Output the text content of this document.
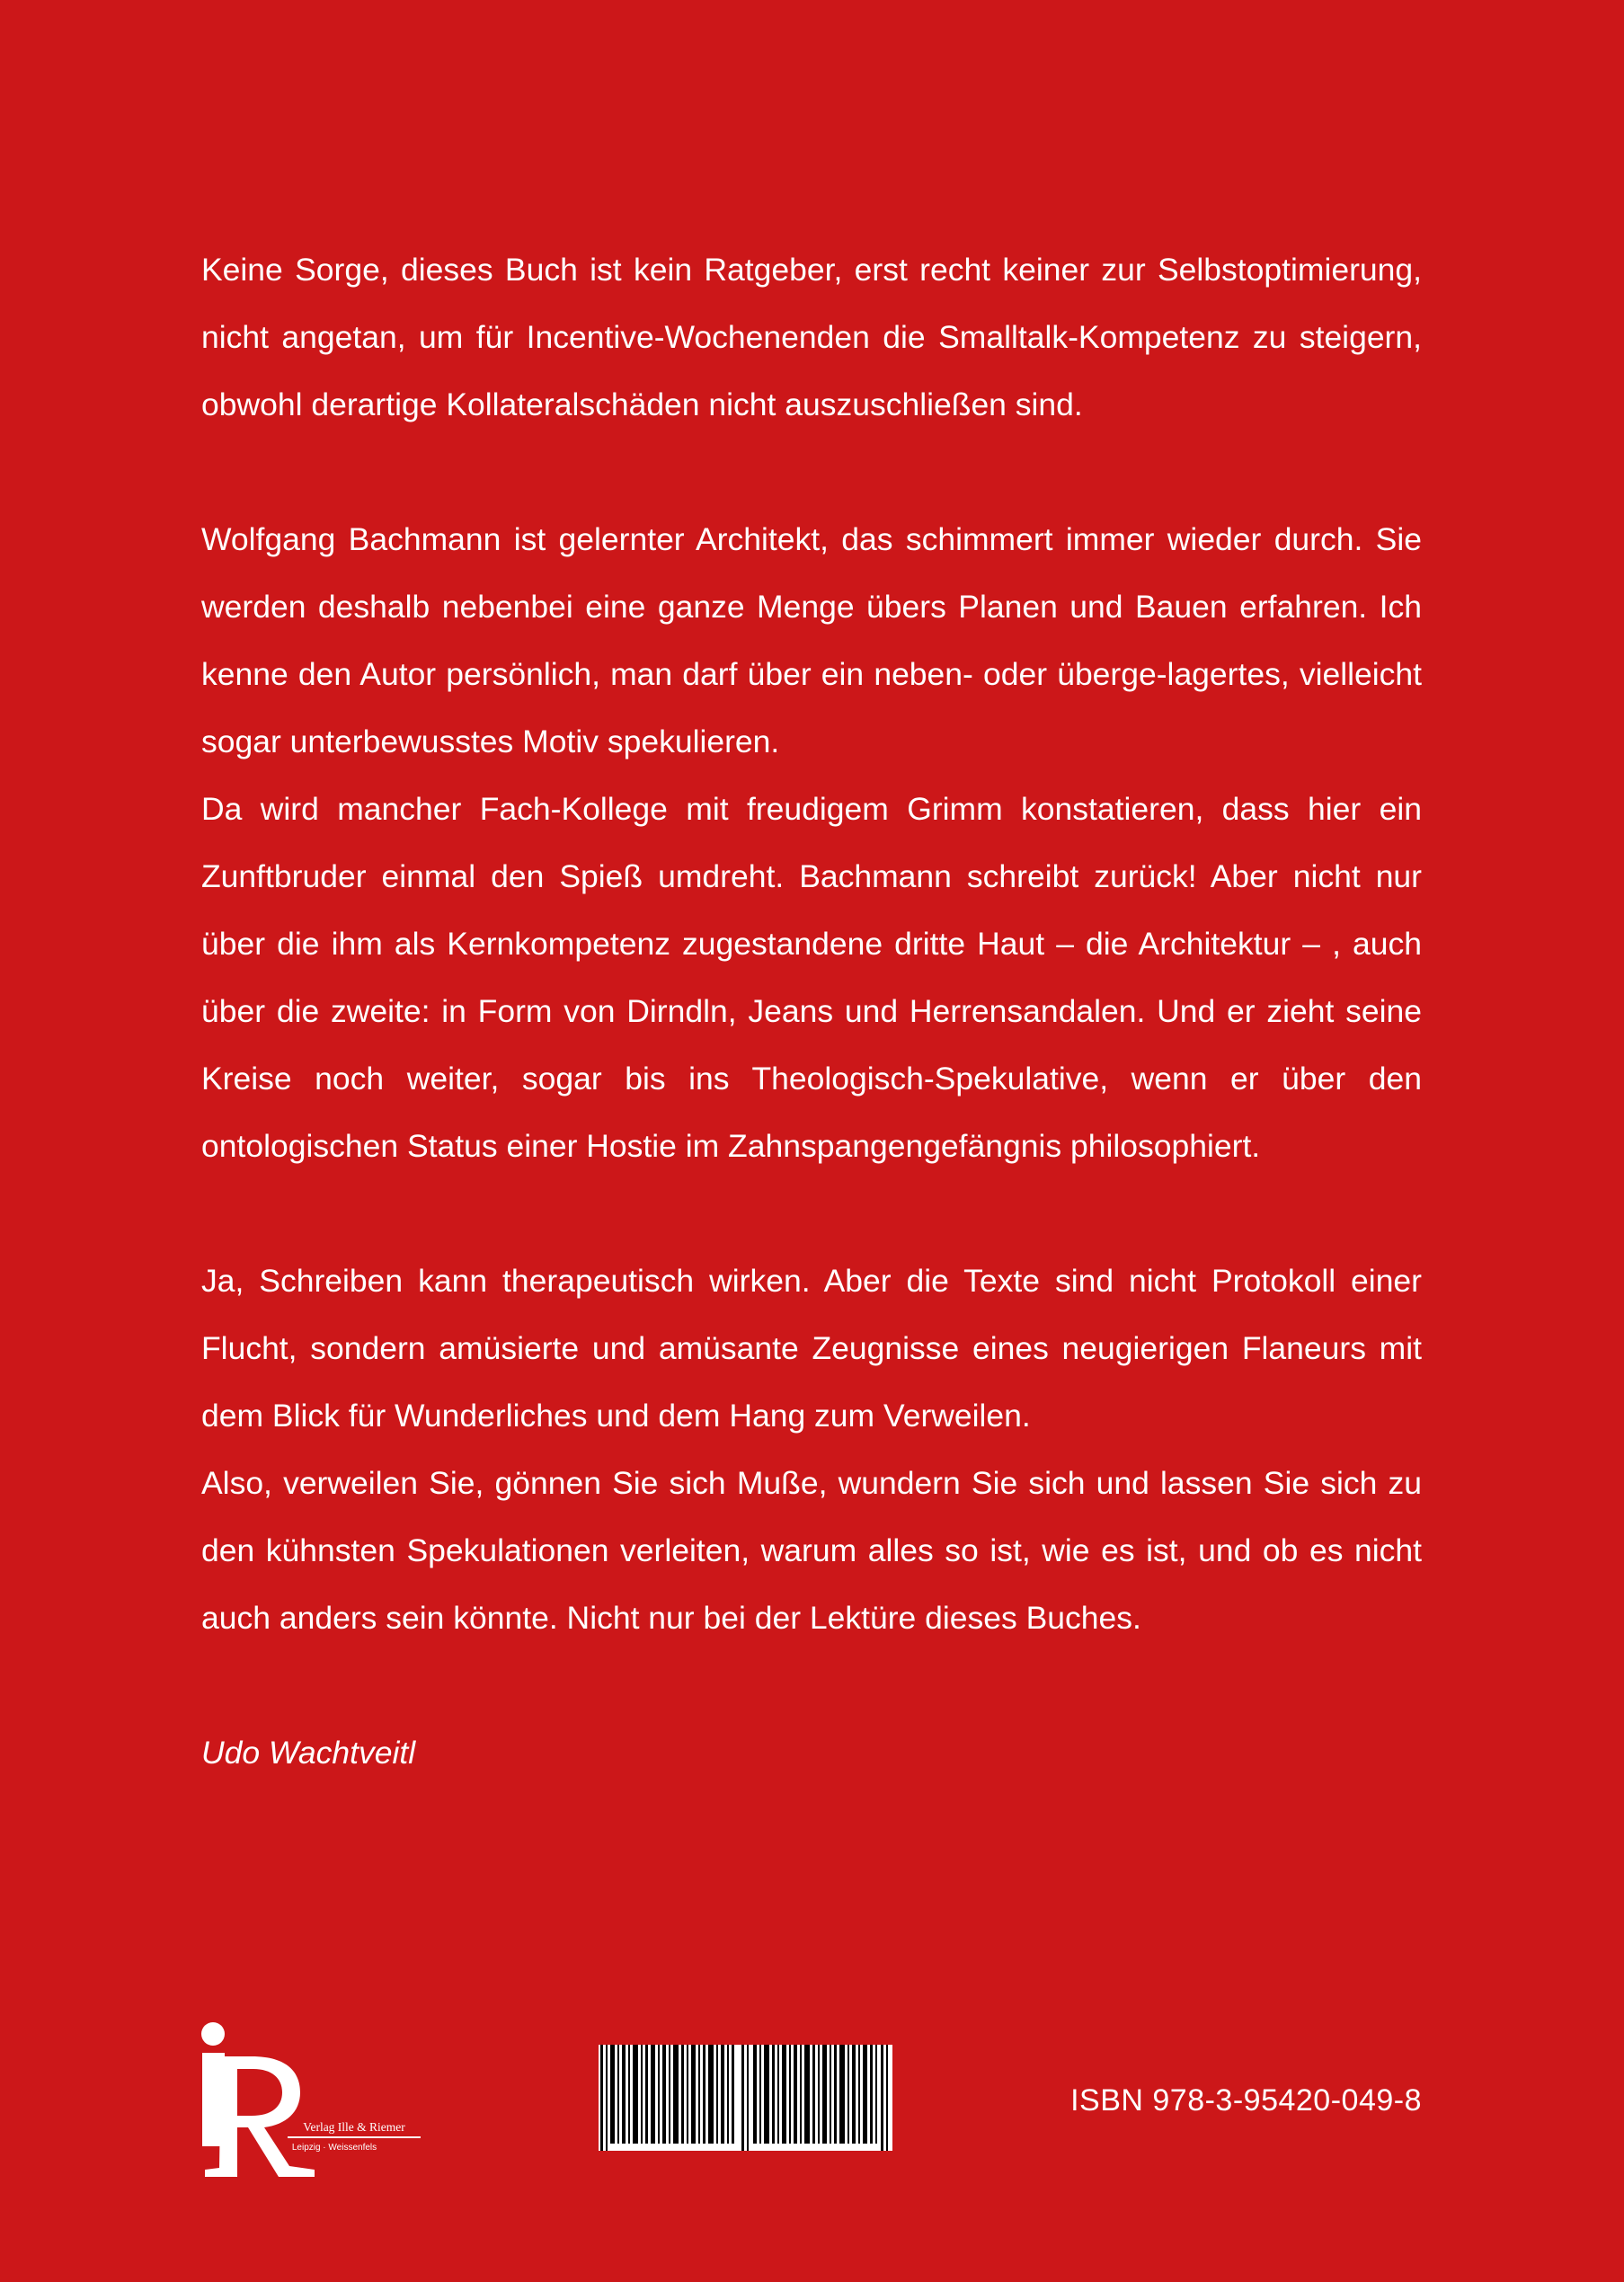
Keine Sorge, dieses Buch ist kein Ratgeber, erst recht keiner zur Selbstoptimierung, nicht angetan, um für Incentive-Wochenenden die Smalltalk-Kompetenz zu steigern, obwohl derartige Kollateralschäden nicht auszuschließen sind.

Wolfgang Bachmann ist gelernter Architekt, das schimmert immer wieder durch. Sie werden deshalb nebenbei eine ganze Menge übers Planen und Bauen erfahren. Ich kenne den Autor persönlich, man darf über ein neben- oder überge-lagertes, vielleicht sogar unterbewusstes Motiv spekulieren.

Da wird mancher Fach-Kollege mit freudigem Grimm konstatieren, dass hier ein Zunftbruder einmal den Spieß umdreht. Bachmann schreibt zurück! Aber nicht nur über die ihm als Kernkompetenz zugestandene dritte Haut – die Architektur – , auch über die zweite: in Form von Dirndln, Jeans und Herrensandalen. Und er zieht seine Kreise noch weiter, sogar bis ins Theologisch-Spekulative, wenn er über den ontologischen Status einer Hostie im Zahnspangengefängnis philosophiert.

Ja, Schreiben kann therapeutisch wirken. Aber die Texte sind nicht Protokoll einer Flucht, sondern amüsierte und amüsante Zeugnisse eines neugierigen Flaneurs mit dem Blick für Wunderliches und dem Hang zum Verweilen.

Also, verweilen Sie, gönnen Sie sich Muße, wundern Sie sich und lassen Sie sich zu den kühnsten Spekulationen verleiten, warum alles so ist, wie es ist, und ob es nicht auch anders sein könnte. Nicht nur bei der Lektüre dieses Buches.

Udo Wachtveitl

Verlag Ille & Riemer
Leipzig · Weissenfels
ISBN 978-3-95420-049-8
